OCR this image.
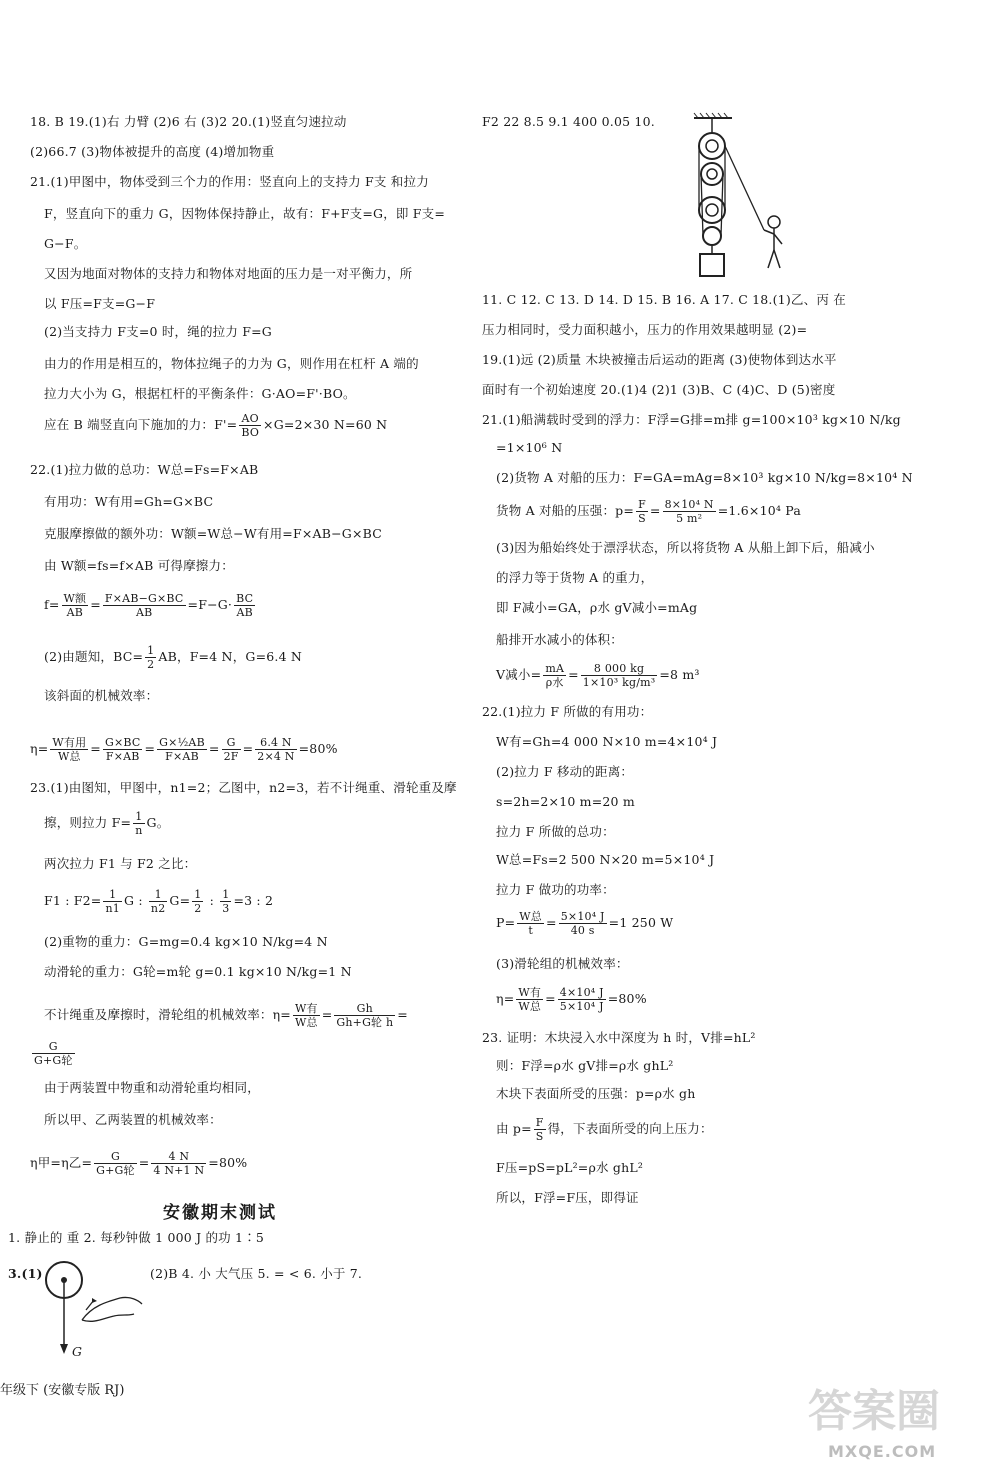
18. B 19.(1)右 力臂 (2)6 右 (3)2 20.(1)竖直匀速拉动
(2)66.7 (3)物体被提升的高度 (4)增加物重
21.(1)甲图中，物体受到三个力的作用：竖直向上的支持力 F支 和拉力
F，竖直向下的重力 G，因物体保持静止，故有：F+F支=G，即 F支=
G−F。
又因为地面对物体的支持力和物体对地面的压力是一对平衡力，所
以 F压=F支=G−F
(2)当支持力 F支=0 时，绳的拉力 F=G
由力的作用是相互的，物体拉绳子的力为 G，则作用在杠杆 A 端的
拉力大小为 G，根据杠杆的平衡条件：G·AO=F'·BO。
22.(1)拉力做的总功：W总=Fs=F×AB
有用功：W有用=Gh=G×BC
克服摩擦做的额外功：W额=W总−W有用=F×AB−G×BC
由 W额=fs=f×AB 可得摩擦力：
该斜面的机械效率：
23.(1)由图知，甲图中，n1=2；乙图中，n2=3，若不计绳重、滑轮重及摩
两次拉力 F1 与 F2 之比：
(2)重物的重力：G=mg=0.4 kg×10 N/kg=4 N
动滑轮的重力：G轮=m轮 g=0.1 kg×10 N/kg=1 N
由于两装置中物重和动滑轮重均相同，
所以甲、乙两装置的机械效率：
1. 静止的 重 2. 每秒钟做 1 000 J 的功 1∶5
(2)B 4. 小 大气压 5. = < 6. 小于 7.
F2 22 8.5 9.1 400 0.05 10.
11. C 12. C 13. D 14. D 15. B 16. A 17. C 18.(1)乙、丙 在
压力相同时，受力面积越小，压力的作用效果越明显 (2)=
19.(1)远 (2)质量 木块被撞击后运动的距离 (3)使物体到达水平
面时有一个初始速度 20.(1)4 (2)1 (3)B、C (4)C、D (5)密度
21.(1)船满载时受到的浮力：F浮=G排=m排 g=100×10³ kg×10 N/kg
=1×10⁶ N
(2)货物 A 对船的压力：F=GA=mAg=8×10³ kg×10 N/kg=8×10⁴ N
(3)因为船始终处于漂浮状态，所以将货物 A 从船上卸下后，船减小
的浮力等于货物 A 的重力，
即 F减小=GA，ρ水 gV减小=mAg
船排开水减小的体积：
22.(1)拉力 F 所做的有用功：
W有=Gh=4 000 N×10 m=4×10⁴ J
(2)拉力 F 移动的距离：
s=2h=2×10 m=20 m
拉力 F 所做的总功：
W总=Fs=2 500 N×20 m=5×10⁴ J
拉力 F 做功的功率：
(3)滑轮组的机械效率：
23. 证明：木块浸入水中深度为 h 时，V排=hL²
则：F浮=ρ水 gV排=ρ水 ghL²
木块下表面所受的压强：p=ρ水 gh
F压=pS=pL²=ρ水 ghL²
所以，F浮=F压，即得证
应在 B 端竖直向下施加的力：$F'= \frac{AO}{BO} \times G=2\times 30$ N=60 N
f= W额
AB
= $\frac{F\times AB-G\times BC}{AB} =F-G\cdot \frac{BC}{AB}$
(2)由题知，$BC= \frac{1}{2}$ AB，F=4 N，G=6.4 N
η= W有用
W总
= $\frac{G\times BC}{F\times AB} = \frac{\text{G×½AB}}{F\times AB} = \frac{G}{2F} = \frac{6.4 N}{2\times 4 N} =80\%$
擦，则拉力 $F= \frac{1}{n}$ G。
F1 : $F2= \frac{1}{n1}$ G : $\frac{1}{n2} G= \frac{1}{2}$ : $\frac{1}{3} =3$ : 2
不计绳重及摩擦时，滑轮组的机械效率：η= W有
W总
=	Gh
Gh+G轮 h
=
G
G+G轮
η甲=η乙=	G
G+G轮
= $\frac{4 N}{4 N+1 N} =80\%$
货物 A 对船的压强：$p= \frac{F}{S} = \frac{\text{8×10⁴ N}}{\text{5 m²}} =1.6\times 10^4$ Pa
V减小= mA
ρ水
= $\frac{8 000 kg}{\text{1×10³ kg/m³}} =8$ m³
P= W总
t
= $\frac{\text{5×10⁴ J}}{40 s} =1$ 250 W
η= W有
W总
= $\frac{\text{4×10⁴ J}}{\text{5×10⁴ J}} =80\%$
由 $p= \frac{F}{S}$ 得，下表面所受的向上压力：
安徽期末测试
3.(1)
G
年级下 (安徽专版 RJ)	答案圈
MXQE.COM
